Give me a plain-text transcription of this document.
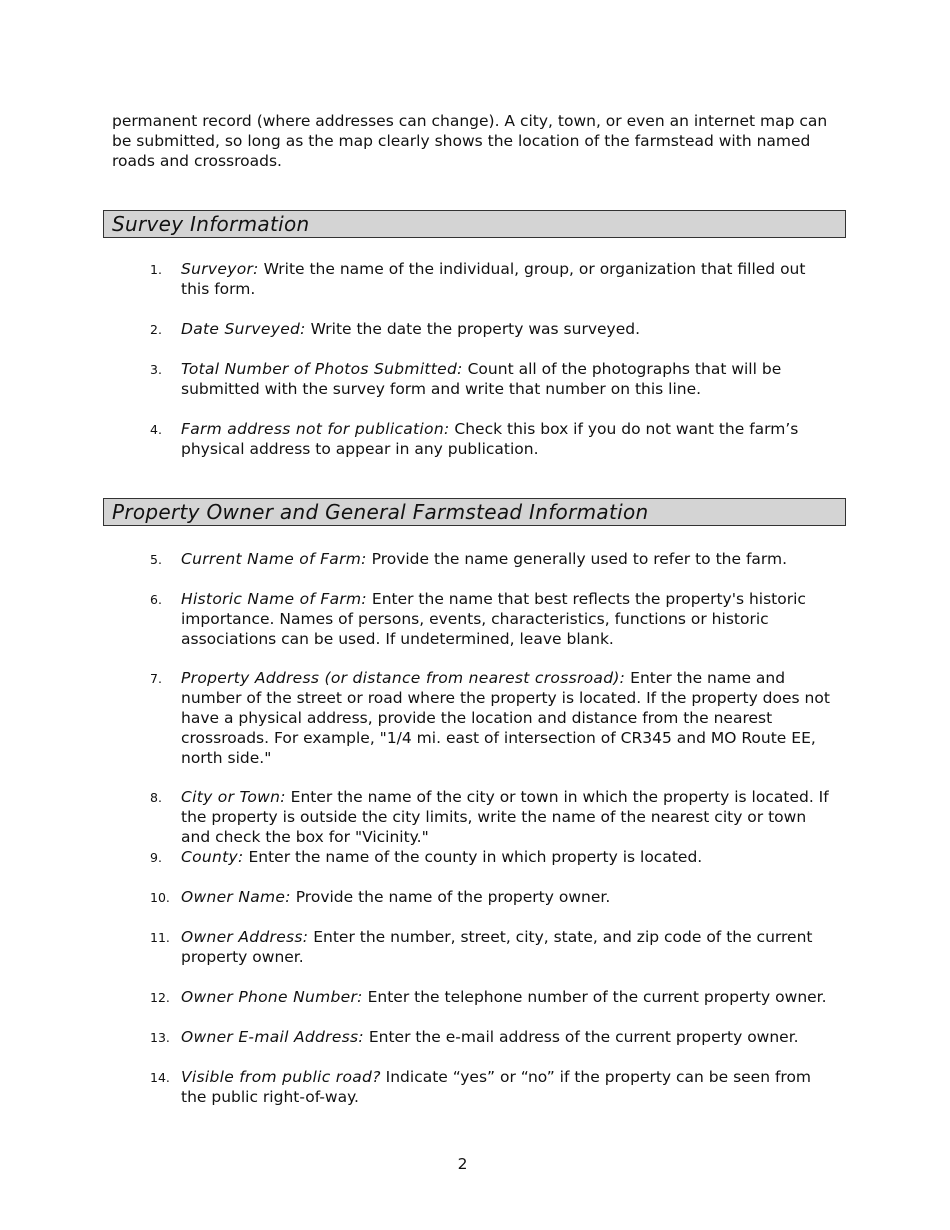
permanent record (where addresses can change). A city, town, or even an internet map can be submitted, so long as the map clearly shows the location of the farmstead with named roads and crossroads.

Survey Information
1.	Surveyor: Write the name of the individual, group, or organization that filled out this form.
2.	Date Surveyed: Write the date the property was surveyed.
3.	Total Number of Photos Submitted: Count all of the photographs that will be submitted with the survey form and write that number on this line.
4.	Farm address not for publication: Check this box if you do not want the farm’s physical address to appear in any publication.
Property Owner and General Farmstead Information
5.	Current Name of Farm: Provide the name generally used to refer to the farm.
6.	Historic Name of Farm: Enter the name that best reflects the property's historic importance. Names of persons, events, characteristics, functions or historic associations can be used. If undetermined, leave blank.
7.	Property Address (or distance from nearest crossroad): Enter the name and number of the street or road where the property is located. If the property does not have a physical address, provide the location and distance from the nearest crossroads. For example, "1/4 mi. east of intersection of CR345 and MO Route EE, north side."
8.	City or Town: Enter the name of the city or town in which the property is located. If the property is outside the city limits, write the name of the nearest city or town and check the box for "Vicinity."
9.	County: Enter the name of the county in which property is located.
10. Owner Name: Provide the name of the property owner.
11. Owner Address: Enter the number, street, city, state, and zip code of the current property owner.
12. Owner Phone Number: Enter the telephone number of the current property owner.
13. Owner E-mail Address: Enter the e-mail address of the current property owner.
14. Visible from public road? Indicate “yes” or “no” if the property can be seen from the public right-of-way.
2
